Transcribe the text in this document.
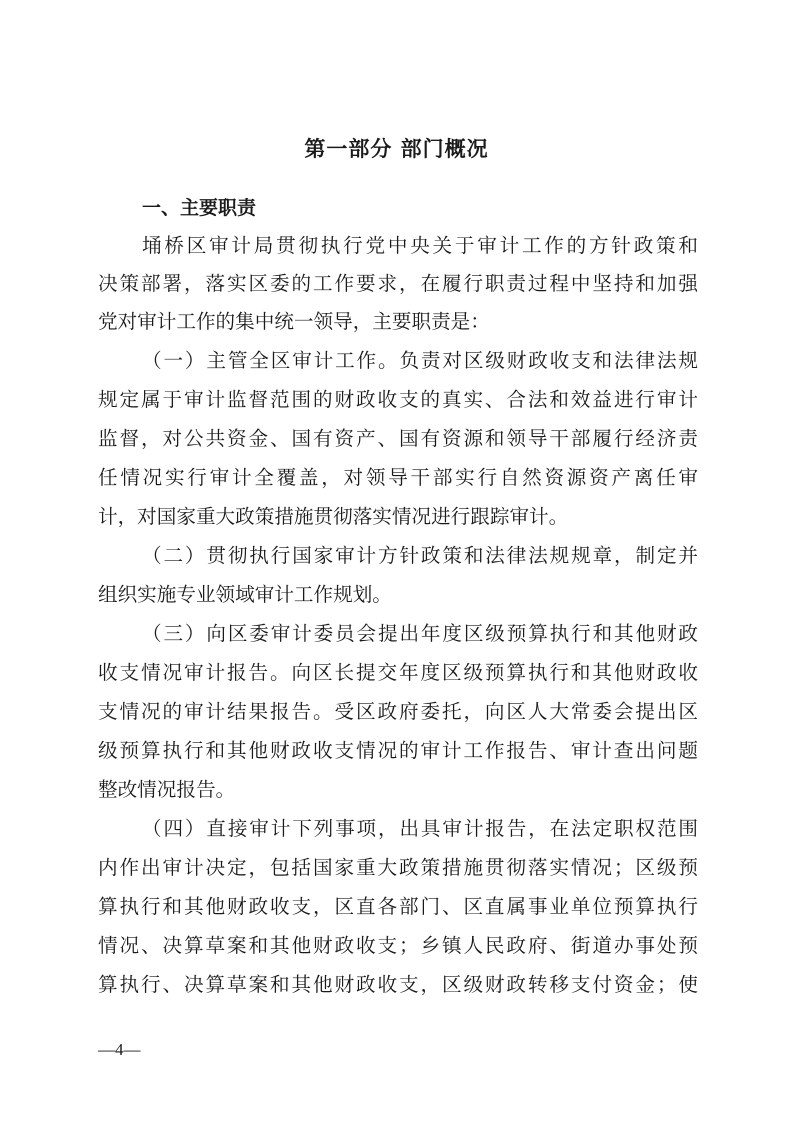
第一部分 部门概况
一、主要职责
埇桥区审计局贯彻执行党中央关于审计工作的方针政策和
决策部署，落实区委的工作要求，在履行职责过程中坚持和加强
党对审计工作的集中统一领导，主要职责是：
（一）主管全区审计工作。负责对区级财政收支和法律法规
规定属于审计监督范围的财政收支的真实、合法和效益进行审计
监督，对公共资金、国有资产、国有资源和领导干部履行经济责
任情况实行审计全覆盖，对领导干部实行自然资源资产离任审
计，对国家重大政策措施贯彻落实情况进行跟踪审计。
（二）贯彻执行国家审计方针政策和法律法规规章，制定并
组织实施专业领域审计工作规划。
（三）向区委审计委员会提出年度区级预算执行和其他财政
收支情况审计报告。向区长提交年度区级预算执行和其他财政收
支情况的审计结果报告。受区政府委托，向区人大常委会提出区
级预算执行和其他财政收支情况的审计工作报告、审计查出问题
整改情况报告。
（四）直接审计下列事项，出具审计报告，在法定职权范围
内作出审计决定，包括国家重大政策措施贯彻落实情况；区级预
算执行和其他财政收支，区直各部门、区直属事业单位预算执行
情况、决算草案和其他财政收支；乡镇人民政府、街道办事处预
算执行、决算草案和其他财政收支，区级财政转移支付资金；使
—4—
